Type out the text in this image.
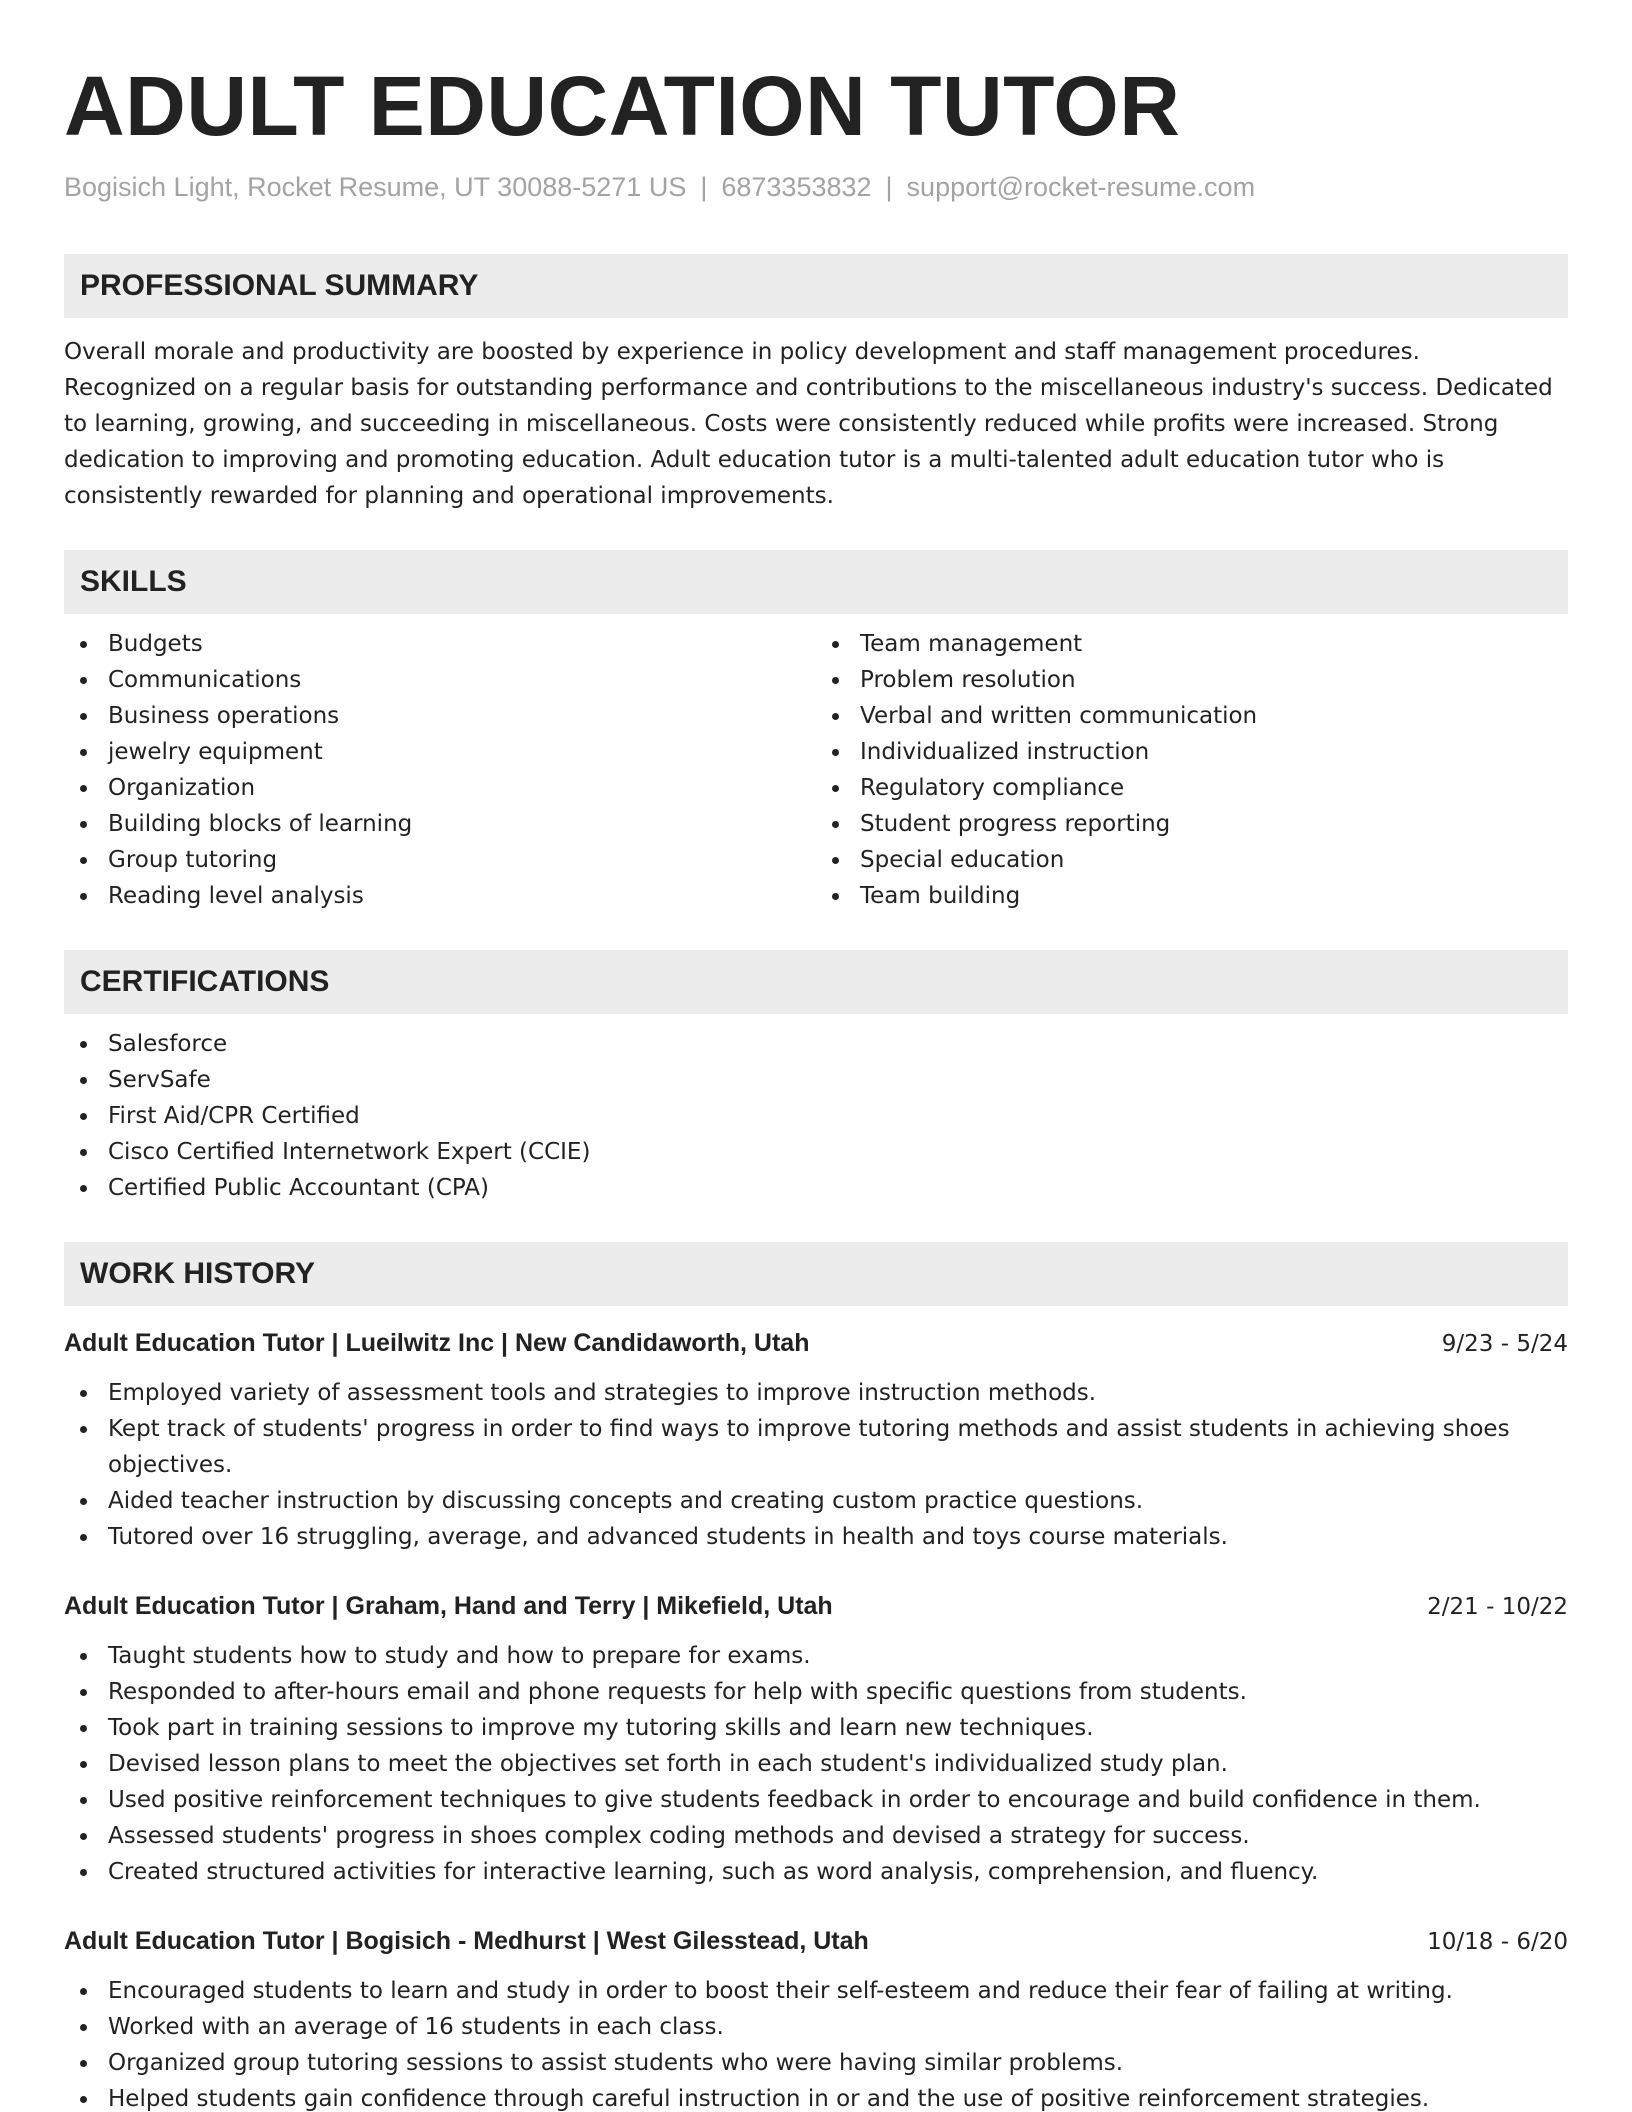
ADULT EDUCATION TUTOR
Bogisich Light, Rocket Resume, UT 30088-5271 US | 6873353832 | support@rocket-resume.com
PROFESSIONAL SUMMARY

Overall morale and productivity are boosted by experience in policy development and staff management procedures. Recognized on a regular basis for outstanding performance and contributions to the miscellaneous industry's success. Dedicated to learning, growing, and succeeding in miscellaneous. Costs were consistently reduced while profits were increased. Strong dedication to improving and promoting education. Adult education tutor is a multi-talented adult education tutor who is consistently rewarded for planning and operational improvements.

SKILLS
Budgets
Communications
Business operations
jewelry equipment
Organization
Building blocks of learning
Group tutoring
Reading level analysis
Team management
Problem resolution
Verbal and written communication
Individualized instruction
Regulatory compliance
Student progress reporting
Special education
Team building
CERTIFICATIONS
Salesforce
ServSafe
First Aid/CPR Certified
Cisco Certified Internetwork Expert (CCIE)
Certified Public Accountant (CPA)
WORK HISTORY
Adult Education Tutor | Lueilwitz Inc | New Candidaworth, Utah	9/23 - 5/24
Employed variety of assessment tools and strategies to improve instruction methods.
Kept track of students' progress in order to find ways to improve tutoring methods and assist students in achieving shoes objectives.
Aided teacher instruction by discussing concepts and creating custom practice questions.
Tutored over 16 struggling, average, and advanced students in health and toys course materials.
Adult Education Tutor | Graham, Hand and Terry | Mikefield, Utah	2/21 - 10/22
Taught students how to study and how to prepare for exams.
Responded to after-hours email and phone requests for help with specific questions from students.
Took part in training sessions to improve my tutoring skills and learn new techniques.
Devised lesson plans to meet the objectives set forth in each student's individualized study plan.
Used positive reinforcement techniques to give students feedback in order to encourage and build confidence in them.
Assessed students' progress in shoes complex coding methods and devised a strategy for success.
Created structured activities for interactive learning, such as word analysis, comprehension, and fluency.
Adult Education Tutor | Bogisich - Medhurst | West Gilesstead, Utah	10/18 - 6/20
Encouraged students to learn and study in order to boost their self-esteem and reduce their fear of failing at writing.
Worked with an average of 16 students in each class.
Organized group tutoring sessions to assist students who were having similar problems.
Helped students gain confidence through careful instruction in or and the use of positive reinforcement strategies.
